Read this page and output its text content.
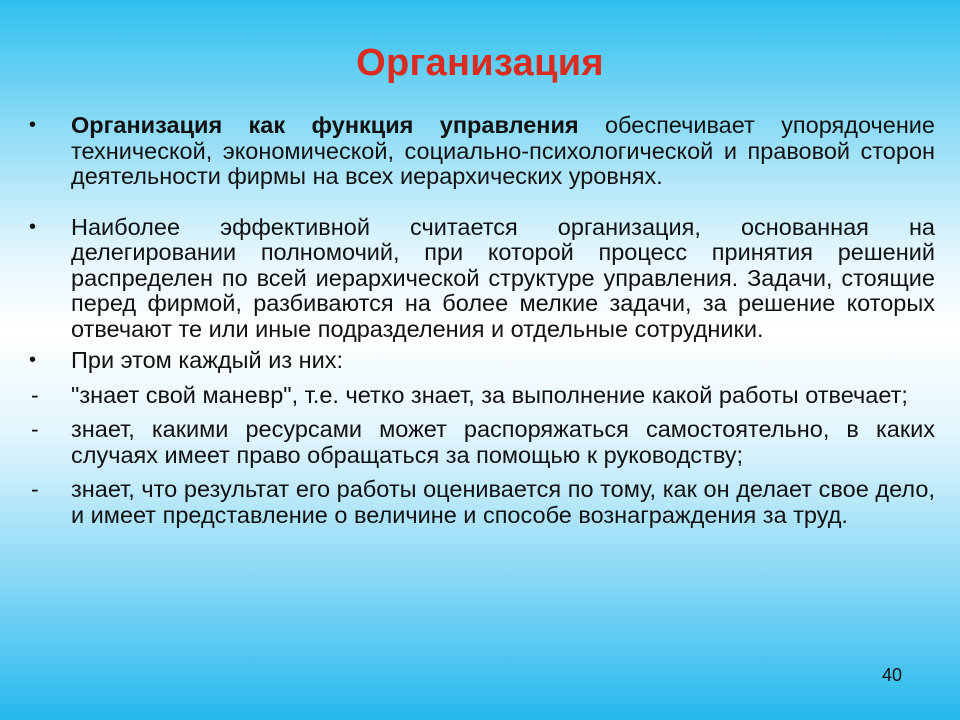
Организация
• Организация как функция управления обеспечивает упорядочение технической, экономической, социально-психологической и правовой сторон деятельности фирмы на всех иерархических уровнях.
• Наиболее эффективной считается организация, основанная на делегировании полномочий, при которой процесс принятия решений распределен по всей иерархической структуре управления. Задачи, стоящие перед фирмой, разбиваются на более мелкие задачи, за решение которых отвечают те или иные подразделения и отдельные сотрудники.
• При этом каждый из них:
- "знает свой маневр", т.е. четко знает, за выполнение какой работы отвечает;
- знает, какими ресурсами может распоряжаться самостоятельно, в каких случаях имеет право обращаться за помощью к руководству;
- знает, что результат его работы оценивается по тому, как он делает свое дело, и имеет представление о величине и способе вознаграждения за труд.
40
